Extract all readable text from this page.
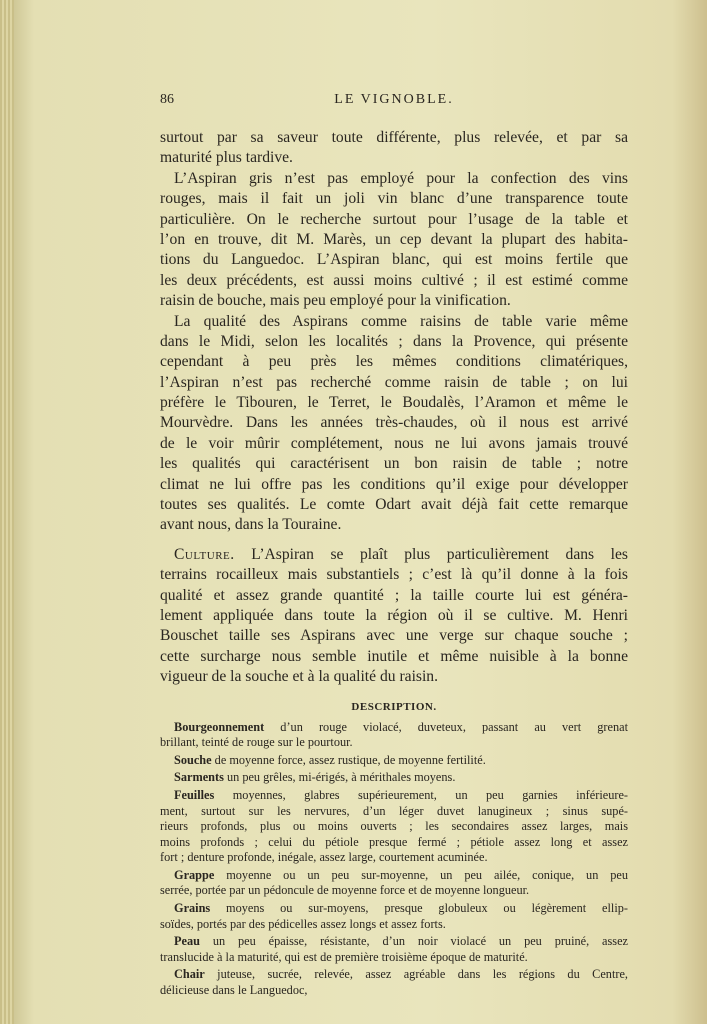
86	LE VIGNOBLE.
surtout par sa saveur toute différente, plus relevée, et par sa
maturité plus tardive.
L’Aspiran gris n’est pas employé pour la confection des vins
rouges, mais il fait un joli vin blanc d’une transparence toute
particulière. On le recherche surtout pour l’usage de la table et
l’on en trouve, dit M. Marès, un cep devant la plupart des habita-
tions du Languedoc. L’Aspiran blanc, qui est moins fertile que
les deux précédents, est aussi moins cultivé ; il est estimé comme
raisin de bouche, mais peu employé pour la vinification.
La qualité des Aspirans comme raisins de table varie même
dans le Midi, selon les localités ; dans la Provence, qui présente
cependant à peu près les mêmes conditions climatériques,
l’Aspiran n’est pas recherché comme raisin de table ; on lui
préfère le Tibouren, le Terret, le Boudalès, l’Aramon et même le
Mourvèdre. Dans les années très-chaudes, où il nous est arrivé
de le voir mûrir complétement, nous ne lui avons jamais trouvé
les qualités qui caractérisent un bon raisin de table ; notre
climat ne lui offre pas les conditions qu’il exige pour développer
toutes ses qualités. Le comte Odart avait déjà fait cette remarque
avant nous, dans la Touraine.
Culture. L’Aspiran se plaît plus particulièrement dans les
terrains rocailleux mais substantiels ; c’est là qu’il donne à la fois
qualité et assez grande quantité ; la taille courte lui est généra-
lement appliquée dans toute la région où il se cultive. M. Henri
Bouschet taille ses Aspirans avec une verge sur chaque souche ;
cette surcharge nous semble inutile et même nuisible à la bonne
vigueur de la souche et à la qualité du raisin.
DESCRIPTION.
Bourgeonnement d’un rouge violacé, duveteux, passant au vert grenat
brillant, teinté de rouge sur le pourtour.
Souche de moyenne force, assez rustique, de moyenne fertilité.
Sarments un peu grêles, mi-érigés, à mérithales moyens.
Feuilles moyennes, glabres supérieurement, un peu garnies inférieure-
ment, surtout sur les nervures, d’un léger duvet lanugineux ; sinus supé-
rieurs profonds, plus ou moins ouverts ; les secondaires assez larges, mais
moins profonds ; celui du pétiole presque fermé ; pétiole assez long et assez
fort ; denture profonde, inégale, assez large, courtement acuminée.
Grappe moyenne ou un peu sur-moyenne, un peu ailée, conique, un peu
serrée, portée par un pédoncule de moyenne force et de moyenne longueur.
Grains moyens ou sur-moyens, presque globuleux ou légèrement ellip-
soïdes, portés par des pédicelles assez longs et assez forts.
Peau un peu épaisse, résistante, d’un noir violacé un peu pruiné, assez
translucide à la maturité, qui est de première troisième époque de maturité.
Chair juteuse, sucrée, relevée, assez agréable dans les régions du Centre,
délicieuse dans le Languedoc,
